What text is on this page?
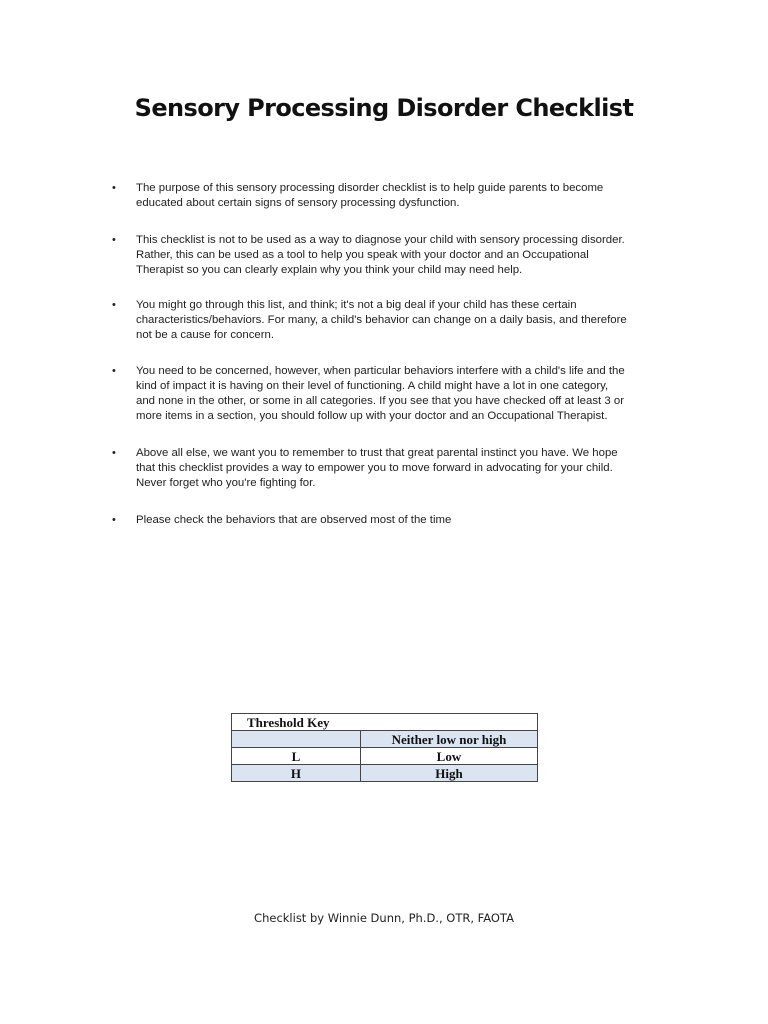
Sensory Processing Disorder Checklist
• The purpose of this sensory processing disorder checklist is to help guide parents to become
educated about certain signs of sensory processing dysfunction.
• This checklist is not to be used as a way to diagnose your child with sensory processing disorder.
Rather, this can be used as a tool to help you speak with your doctor and an Occupational
Therapist so you can clearly explain why you think your child may need help.
• You might go through this list, and think; it's not a big deal if your child has these certain
characteristics/behaviors. For many, a child's behavior can change on a daily basis, and therefore
not be a cause for concern.
• You need to be concerned, however, when particular behaviors interfere with a child's life and the
kind of impact it is having on their level of functioning. A child might have a lot in one category,
and none in the other, or some in all categories. If you see that you have checked off at least 3 or
more items in a section, you should follow up with your doctor and an Occupational Therapist.
• Above all else, we want you to remember to trust that great parental instinct you have. We hope
that this checklist provides a way to empower you to move forward in advocating for your child.
Never forget who you're fighting for.
• Please check the behaviors that are observed most of the time
Threshold Key	
	Neither low nor high
L	Low
H	High
Checklist by Winnie Dunn, Ph.D., OTR, FAOTA
